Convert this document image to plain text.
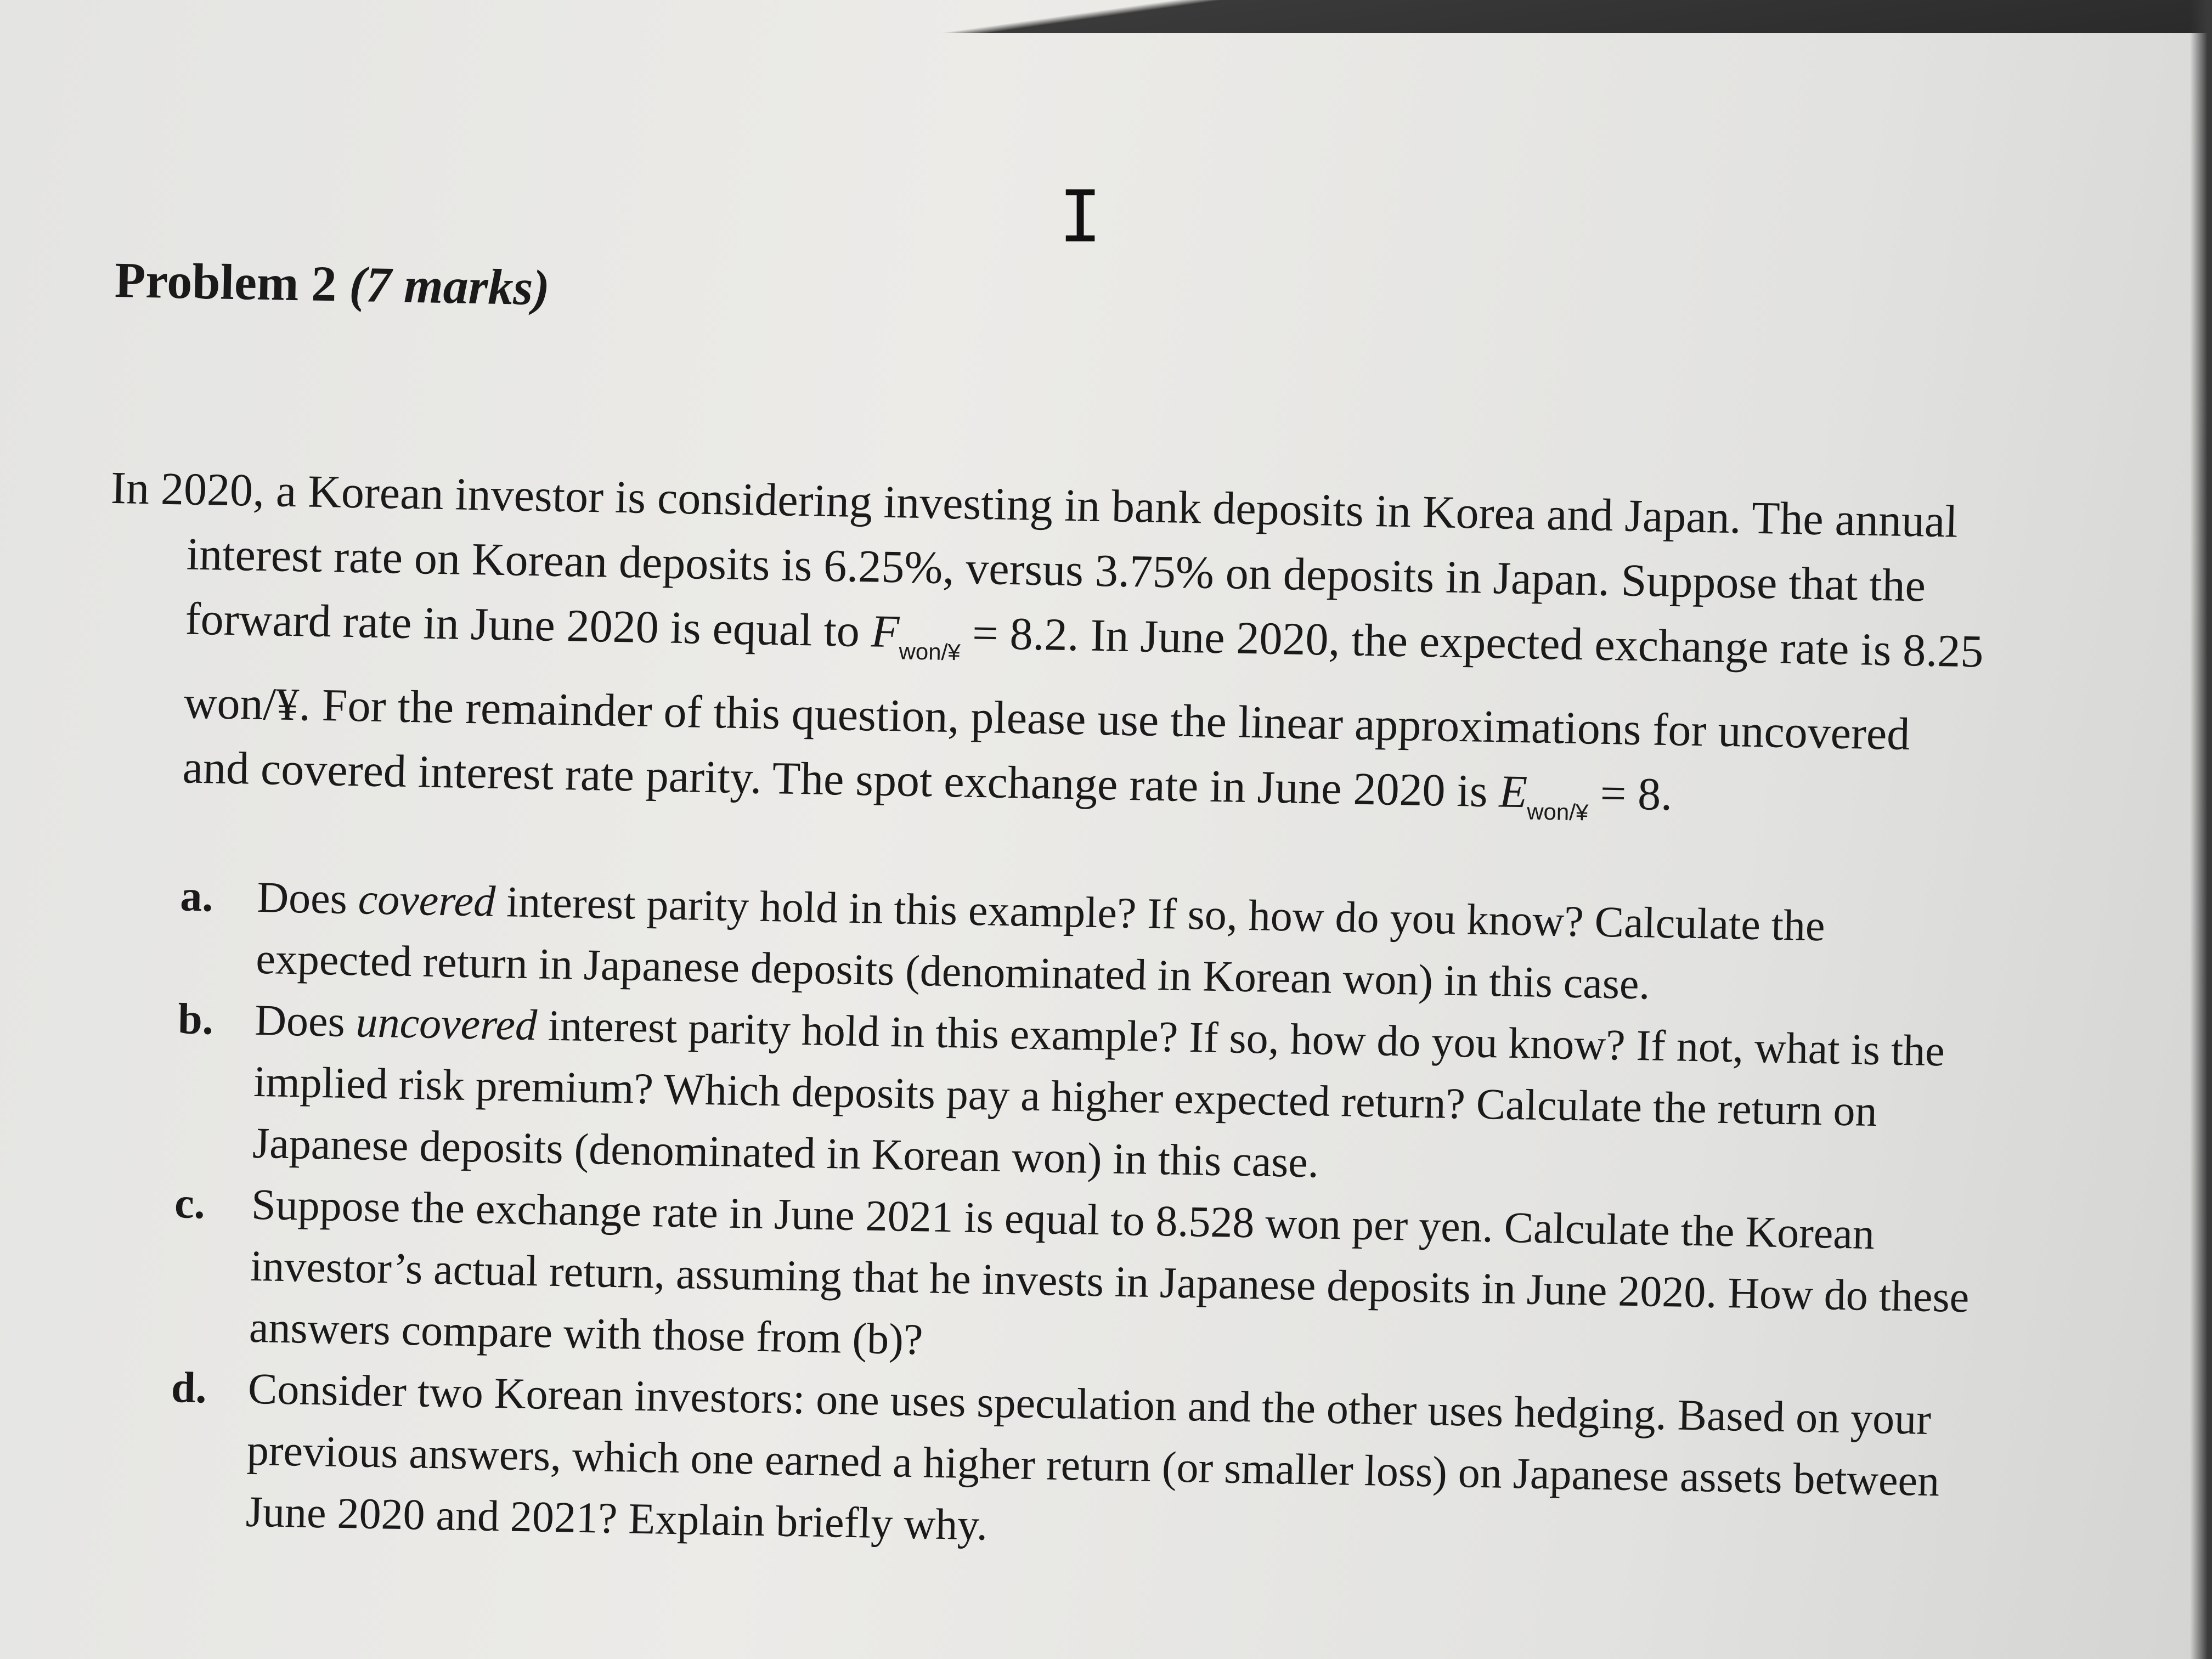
I
Problem 2 (7 marks)

In 2020, a Korean investor is considering investing in bank deposits in Korea and Japan. The annual interest rate on Korean deposits is 6.25%, versus 3.75% on deposits in Japan. Suppose that the forward rate in June 2020 is equal to $F_{won/¥} = 8.2$. In June 2020, the expected exchange rate is 8.25 won/¥. For the remainder of this question, please use the linear approximations for uncovered and covered interest rate parity. The spot exchange rate in June 2020 is $E_{won/¥} = 8$.

a. Does covered interest parity hold in this example? If so, how do you know? Calculate the expected return in Japanese deposits (denominated in Korean won) in this case.
b. Does uncovered interest parity hold in this example? If so, how do you know? If not, what is the implied risk premium? Which deposits pay a higher expected return? Calculate the return on Japanese deposits (denominated in Korean won) in this case.
c. Suppose the exchange rate in June 2021 is equal to 8.528 won per yen. Calculate the Korean investor’s actual return, assuming that he invests in Japanese deposits in June 2020. How do these answers compare with those from (b)?
d. Consider two Korean investors: one uses speculation and the other uses hedging. Based on your previous answers, which one earned a higher return (or smaller loss) on Japanese assets between June 2020 and 2021? Explain briefly why.
